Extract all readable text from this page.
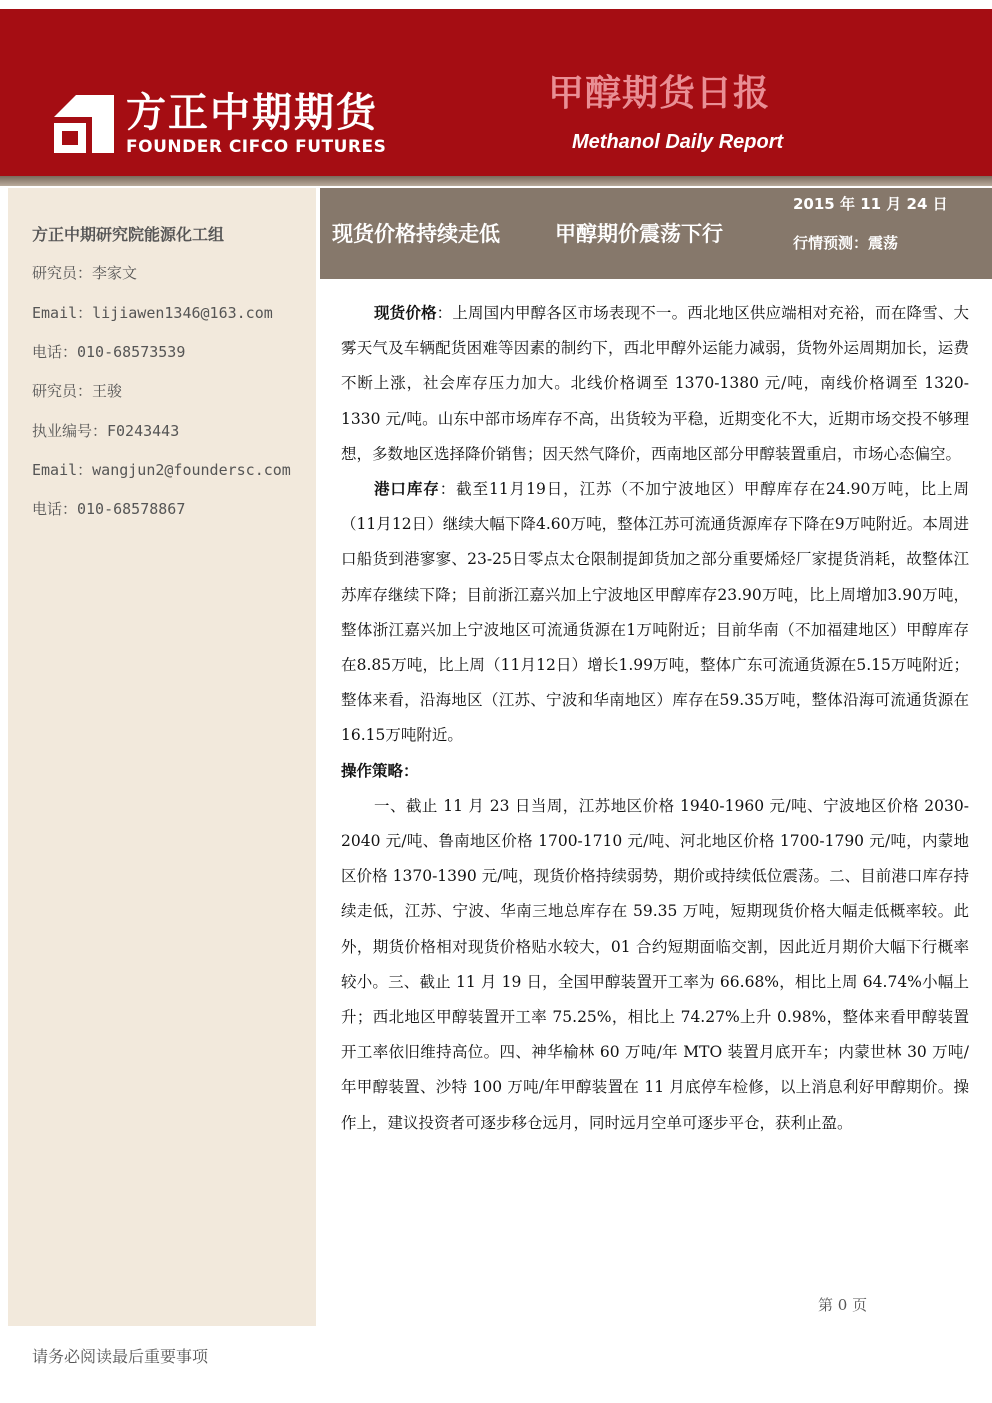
方正中期期货
FOUNDER CIFCO FUTURES
甲醇期货日报
Methanol Daily Report
方正中期研究院能源化工组
研究员：李家文
Email：lijiawen1346@163.com
电话：010-68573539
研究员：王骏
执业编号：F0243443
Email：wangjun2@foundersc.com
电话：010-68578867
现货价格持续走低	甲醇期价震荡下行
2015 年 11 月 24 日
行情预测：震荡

现货价格：上周国内甲醇各区市场表现不一。西北地区供应端相对充裕，而在降雪、大雾天气及车辆配货困难等因素的制约下，西北甲醇外运能力减弱，货物外运周期加长，运费不断上涨，社会库存压力加大。北线价格调至 1370-1380 元/吨，南线价格调至 1320-1330 元/吨。山东中部市场库存不高，出货较为平稳，近期变化不大，近期市场交投不够理想，多数地区选择降价销售；因天然气降价，西南地区部分甲醇装置重启，市场心态偏空。

港口库存：截至11月19日，江苏（不加宁波地区）甲醇库存在24.90万吨，比上周（11月12日）继续大幅下降4.60万吨，整体江苏可流通货源库存下降在9万吨附近。本周进口船货到港寥寥、23-25日零点太仓限制提卸货加之部分重要烯烃厂家提货消耗，故整体江苏库存继续下降；目前浙江嘉兴加上宁波地区甲醇库存23.90万吨，比上周增加3.90万吨，整体浙江嘉兴加上宁波地区可流通货源在1万吨附近；目前华南（不加福建地区）甲醇库存在8.85万吨，比上周（11月12日）增长1.99万吨，整体广东可流通货源在5.15万吨附近；整体来看，沿海地区（江苏、宁波和华南地区）库存在59.35万吨，整体沿海可流通货源在16.15万吨附近。

操作策略：

一、截止 11 月 23 日当周，江苏地区价格 1940-1960 元/吨、宁波地区价格 2030-2040 元/吨、鲁南地区价格 1700-1710 元/吨、河北地区价格 1700-1790 元/吨，内蒙地区价格 1370-1390 元/吨，现货价格持续弱势，期价或持续低位震荡。二、目前港口库存持续走低，江苏、宁波、华南三地总库存在 59.35 万吨，短期现货价格大幅走低概率较。此外，期货价格相对现货价格贴水较大，01 合约短期面临交割，因此近月期价大幅下行概率较小。三、截止 11 月 19 日，全国甲醇装置开工率为 66.68%，相比上周 64.74%小幅上升；西北地区甲醇装置开工率 75.25%，相比上 74.27%上升 0.98%，整体来看甲醇装置开工率依旧维持高位。四、神华榆林 60 万吨/年 MTO 装置月底开车；内蒙世林 30 万吨/年甲醇装置、沙特 100 万吨/年甲醇装置在 11 月底停车检修，以上消息利好甲醇期价。操作上，建议投资者可逐步移仓远月，同时远月空单可逐步平仓，获利止盈。

第 0 页
请务必阅读最后重要事项
